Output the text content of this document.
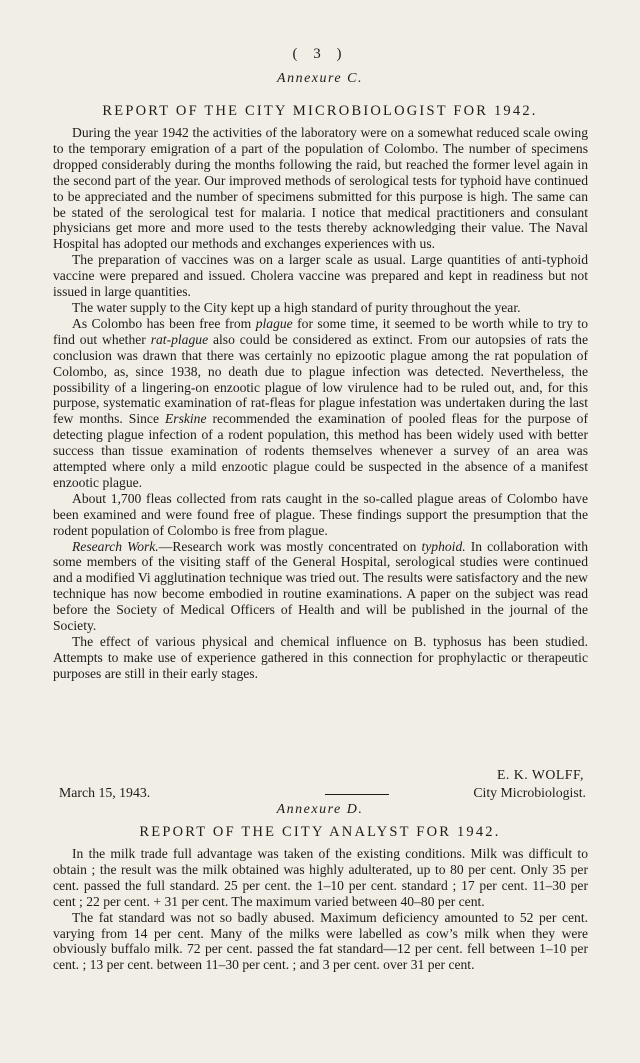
( 3 )
Annexure C.
REPORT OF THE CITY MICROBIOLOGIST FOR 1942.

During the year 1942 the activities of the laboratory were on a somewhat reduced scale owing to the temporary emigration of a part of the population of Colombo. The number of specimens dropped considerably during the months following the raid, but reached the former level again in the second part of the year. Our improved methods of serological tests for typhoid have continued to be appreciated and the number of specimens submitted for this purpose is high. The same can be stated of the serological test for malaria. I notice that medical practitioners and consulant physicians get more and more used to the tests thereby acknowledging their value. The Naval Hospital has adopted our methods and exchanges experiences with us.

The preparation of vaccines was on a larger scale as usual. Large quantities of anti-typhoid vaccine were prepared and issued. Cholera vaccine was prepared and kept in readiness but not issued in large quantities.

The water supply to the City kept up a high standard of purity throughout the year.

As Colombo has been free from plague for some time, it seemed to be worth while to try to find out whether rat-plague also could be considered as extinct. From our autopsies of rats the conclusion was drawn that there was certainly no epizootic plague among the rat population of Colombo, as, since 1938, no death due to plague infection was detected. Nevertheless, the possibility of a lingering-on enzootic plague of low virulence had to be ruled out, and, for this purpose, systematic examination of rat-fleas for plague infestation was undertaken during the last few months. Since Erskine recommended the examination of pooled fleas for the purpose of detecting plague infection of a rodent population, this method has been widely used with better success than tissue examination of rodents themselves whenever a survey of an area was attempted where only a mild enzootic plague could be suspected in the absence of a manifest enzootic plague.

About 1,700 fleas collected from rats caught in the so-called plague areas of Colombo have been examined and were found free of plague. These findings support the presumption that the rodent population of Colombo is free from plague.

Research Work.—Research work was mostly concentrated on typhoid. In collaboration with some members of the visiting staff of the General Hospital, serological studies were continued and a modified Vi agglutination technique was tried out. The results were satisfactory and the new technique has now become embodied in routine examinations. A paper on the subject was read before the Society of Medical Officers of Health and will be published in the journal of the Society.

The effect of various physical and chemical influence on B. typhosus has been studied. Attempts to make use of experience gathered in this connection for prophylactic or therapeutic purposes are still in their early stages.

E. K. WOLFF,
March 15, 1943.	City Microbiologist.
Annexure D.
REPORT OF THE CITY ANALYST FOR 1942.

In the milk trade full advantage was taken of the existing conditions. Milk was difficult to obtain ; the result was the milk obtained was highly adulterated, up to 80 per cent. Only 35 per cent. passed the full standard. 25 per cent. the 1–10 per cent. standard ; 17 per cent. 11–30 per cent ; 22 per cent. + 31 per cent. The maximum varied between 40–80 per cent.

The fat standard was not so badly abused. Maximum deficiency amounted to 52 per cent. varying from 14 per cent. Many of the milks were labelled as cow’s milk when they were obviously buffalo milk. 72 per cent. passed the fat standard—12 per cent. fell between 1–10 per cent. ; 13 per cent. between 11–30 per cent. ; and 3 per cent. over 31 per cent.
